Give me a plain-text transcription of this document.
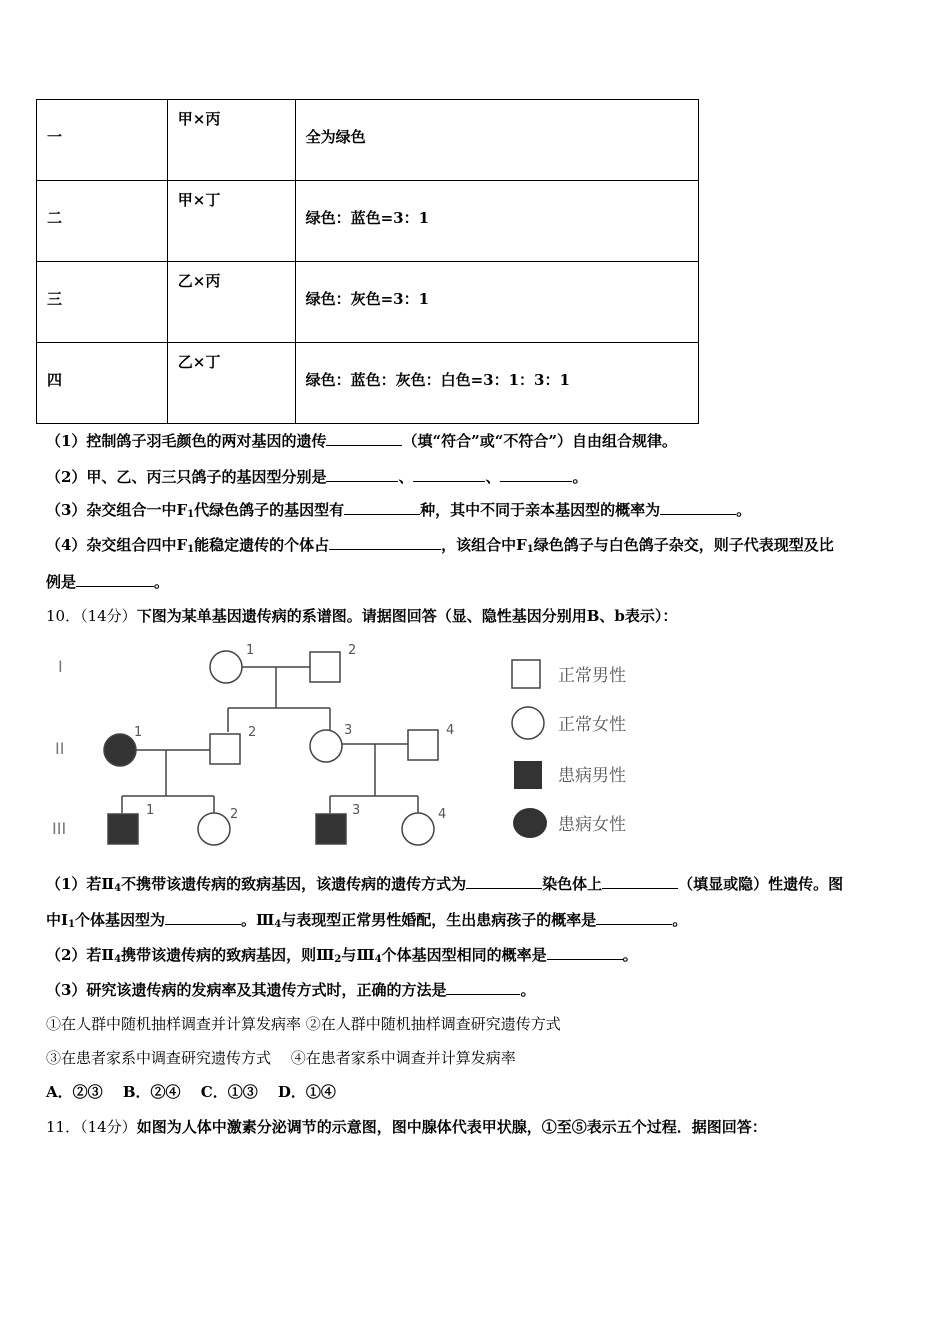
一	甲×丙	全为绿色

二	甲×丁	绿色：蓝色=3：1

三	乙×丙	绿色：灰色=3：1

四	乙×丁	绿色：蓝色：灰色：白色=3：1：3：1
（1）控制鸽子羽毛颜色的两对基因的遗传	（填“符合”或“不符合”）自由组合规律。
（2）甲、乙、丙三只鸽子的基因型分别是	、	、	。
（3）杂交组合一中$F_1$代绿色鸽子的基因型有	种，其中不同于亲本基因型的概率为	。
（4）杂交组合四中$F_1$能稳定遗传的个体占	，该组合中$F_1$绿色鸽子与白色鸽子杂交，则子代表现型及比
例是	。
10．（14分）下图为某单基因遗传病的系谱图。请据图回答（显、隐性基因分别用B、b表示）：
I
II
III
1	2
1	2	3	4
1	2	3	4
正常男性
正常女性
患病男性
患病女性
（1）若$Ⅱ_4$不携带该遗传病的致病基因，该遗传病的遗传方式为	染色体上	（填显或隐）性遗传。图
中$Ⅰ_1$个体基因型为	。$Ⅲ_4$与表现型正常男性婚配，生出患病孩子的概率是	。
（2）若$Ⅱ_4$携带该遗传病的致病基因，则$Ⅲ_2$与$Ⅲ_4$个体基因型相同的概率是	。
（3）研究该遗传病的发病率及其遗传方式时，正确的方法是	。
①在人群中随机抽样调查并计算发病率 ②在人群中随机抽样调查研究遗传方式
③在患者家系中调查研究遗传方式　 ④在患者家系中调查并计算发病率
A．②③　 B．②④　 C．①③　 D．①④
11．（14分）如图为人体中激素分泌调节的示意图，图中腺体代表甲状腺，①至⑤表示五个过程．据图回答：
